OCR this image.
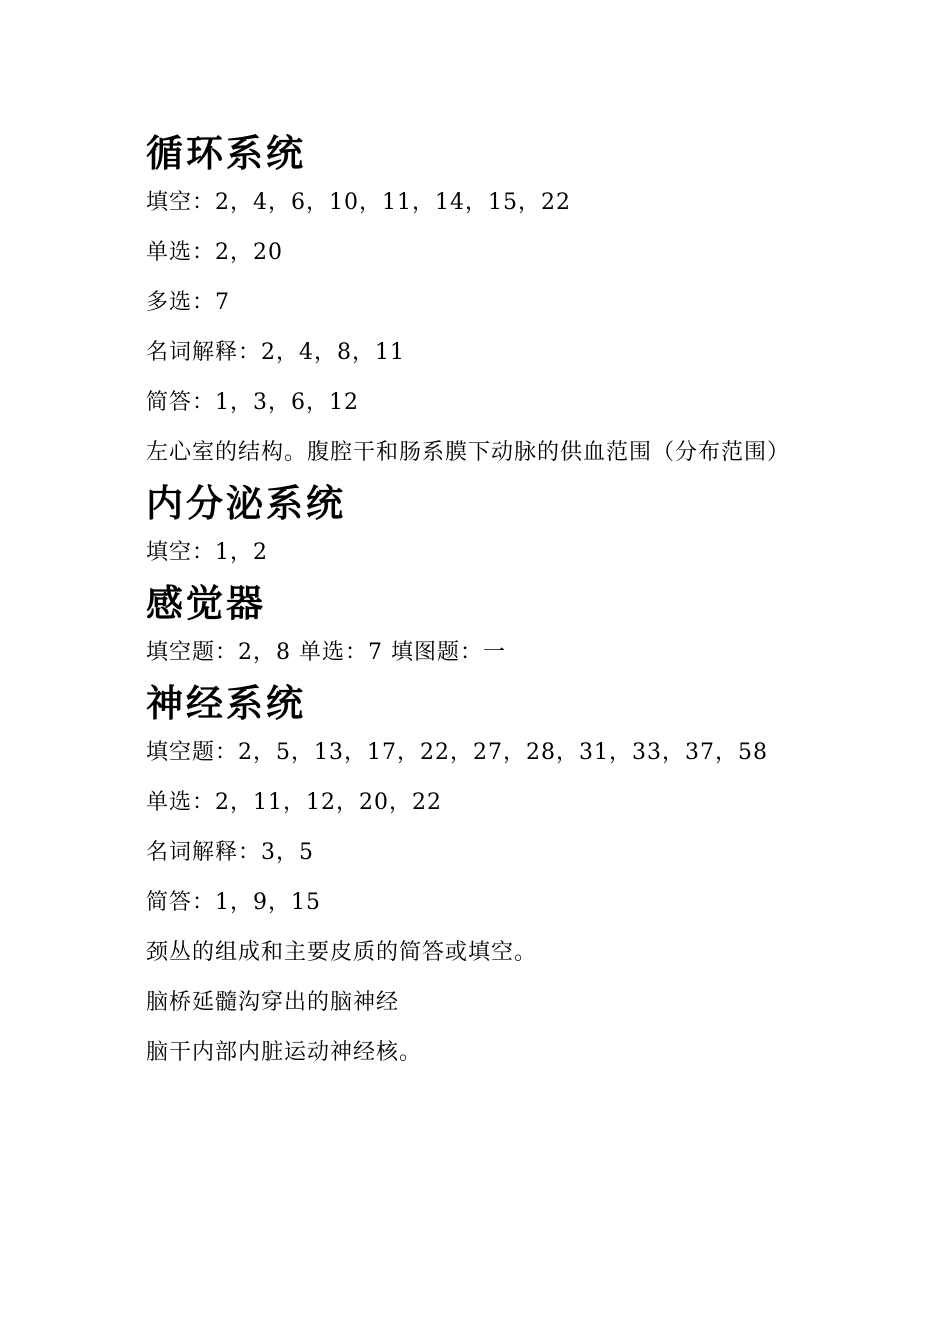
循环系统

填空：2，4，6，10，11，14，15，22

单选：2，20

多选：7

名词解释：2，4，8，11

简答：1，3，6，12

左心室的结构。腹腔干和肠系膜下动脉的供血范围（分布范围）

内分泌系统

填空：1，2

感觉器

填空题：2，8 单选：7 填图题：一

神经系统

填空题：2，5，13，17，22，27，28，31，33，37，58

单选：2，11，12，20，22

名词解释：3，5

简答：1，9，15

颈丛的组成和主要皮质的简答或填空。

脑桥延髓沟穿出的脑神经

脑干内部内脏运动神经核。
